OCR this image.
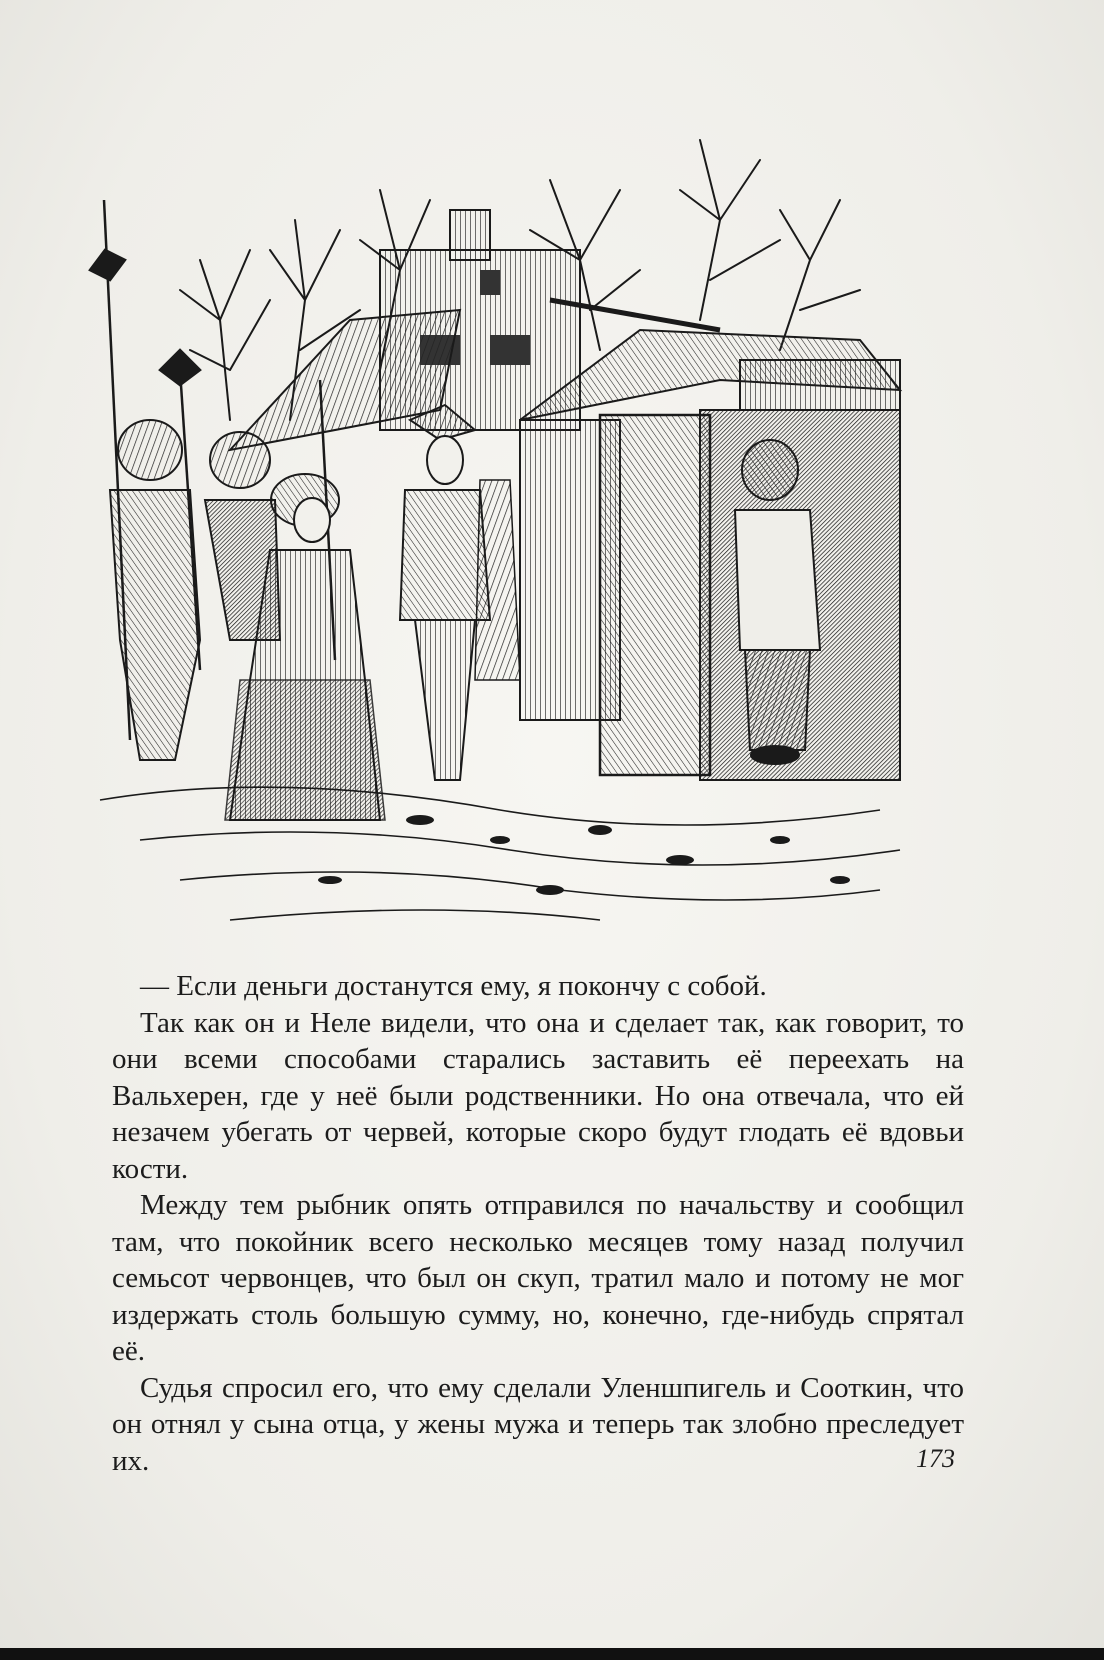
— Если деньги достанутся ему, я покончу с собой.

Так как он и Неле видели, что она и сделает так, как говорит, то они всеми способами старались заставить её переехать на Вальхерен, где у неё были родственники. Но она отвечала, что ей незачем убегать от червей, которые скоро будут глодать её вдовьи кости.

Между тем рыбник опять отправился по начальству и сообщил там, что покойник всего несколько месяцев тому назад получил семьсот червонцев, что был он скуп, тратил мало и потому не мог издержать столь большую сумму, но, конечно, где-нибудь спрятал её.

Судья спросил его, что ему сделали Уленшпигель и Сооткин, что он отнял у сына отца, у жены мужа и теперь так злобно преследует их.	173
